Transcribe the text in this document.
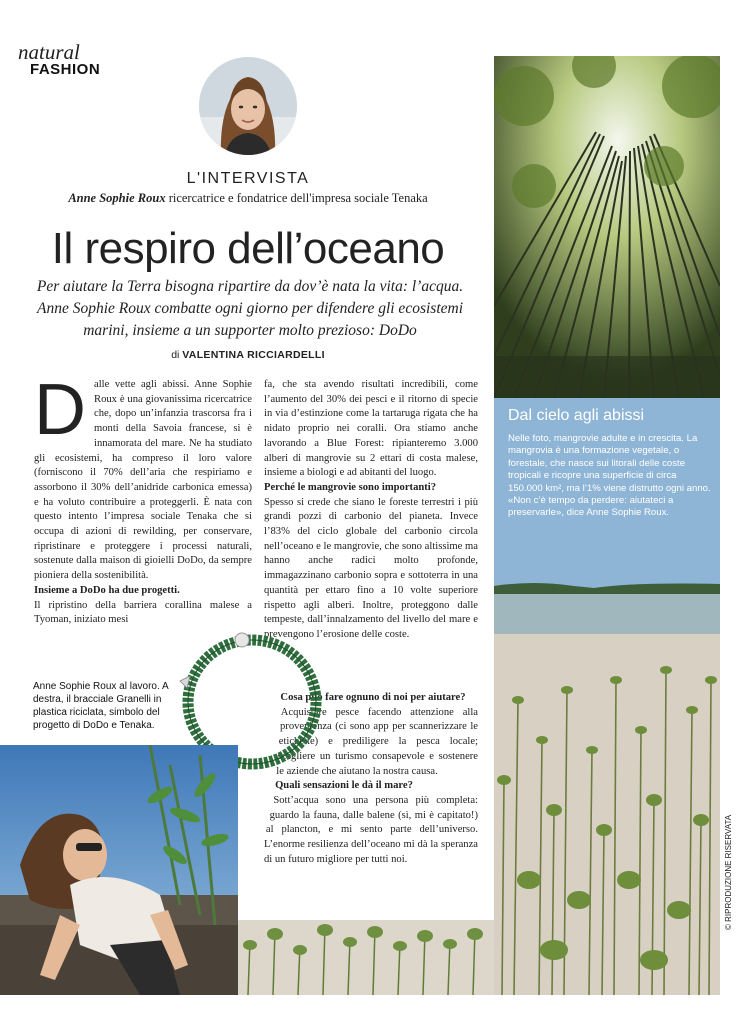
natural
FASHION
L'INTERVISTA
Anne Sophie Roux ricercatrice e fondatrice dell'impresa sociale Tenaka
Il respiro dell’oceano
Per aiutare la Terra bisogna ripartire da dov’è nata la vita: l’acqua. Anne Sophie Roux combatte ogni giorno per difendere gli ecosistemi marini, insieme a un supporter molto prezioso: DoDo
di VALENTINA RICCIARDELLI
D alle vette agli abissi. Anne Sophie Roux è una giovanissima ricercatrice che, dopo un’infanzia trascorsa fra i monti della Savoia francese, si è innamorata del mare. Ne ha studiato gli ecosistemi, ha compreso il loro valore (forniscono il 70% dell’aria che respiriamo e assorbono il 30% dell’anidride carbonica emessa) e ha voluto contribuire a proteggerli. È nata con questo intento l’impresa sociale Tenaka che si occupa di azioni di rewilding, per conservare, ripristinare e proteggere i processi naturali, sostenute dalla maison di gioielli DoDo, da sempre pioniera della sostenibilità.

Insieme a DoDo ha due progetti.

Il ripristino della barriera corallina malese a Tyoman, iniziato mesi

fa, che sta avendo risultati incredibili, come l’aumento del 30% dei pesci e il ritorno di specie in via d’estinzione come la tartaruga rigata che ha nidato proprio nei coralli. Ora stiamo anche lavorando a Blue Forest: ripianteremo 3.000 alberi di mangrovie su 2 ettari di costa malese, insieme a biologi e ad abitanti del luogo.

Perché le mangrovie sono importanti?

Spesso si crede che siano le foreste terrestri i più grandi pozzi di carbonio del pianeta. Invece l’83% del ciclo globale del carbonio circola nell’oceano e le mangrovie, che sono altissime ma hanno anche radici molto profonde, immagazzinano carbonio sopra e sottoterra in una quantità per ettaro fino a 10 volte superiore rispetto agli alberi. Inoltre, proteggono dalle tempeste, dall’innalzamento del livello del mare e prevengono l’erosione delle coste.

Cosa può fare ognuno di noi per aiutare?

Acquistare pesce facendo attenzione alla provenienza (ci sono app per scannerizzare le etichette) e prediligere la pesca locale; scegliere un turismo consapevole e sostenere le aziende che aiutano la nostra causa.

Quali sensazioni le dà il mare?

Sott’acqua sono una persona più completa: guardo la fauna, dalle balene (sì, mi è capitato!) al plancton, e mi sento parte dell’universo. L’enorme resilienza dell’oceano mi dà la speranza di un futuro migliore per tutti noi.

Anne Sophie Roux al lavoro. A destra, il bracciale Granelli in plastica riciclata, simbolo del progetto di DoDo e Tenaka.
Dal cielo agli abissi
Nelle foto, mangrovie adulte e in crescita. La mangrovia è una formazione vegetale, o forestale, che nasce sui litorali delle coste tropicali e ricopre una superficie di circa 150.000 km², ma l’1% viene distrutto ogni anno. «Non c’è tempo da perdere: aiutateci a preservarle», dice Anne Sophie Roux.
© RIPRODUZIONE RISERVATA
